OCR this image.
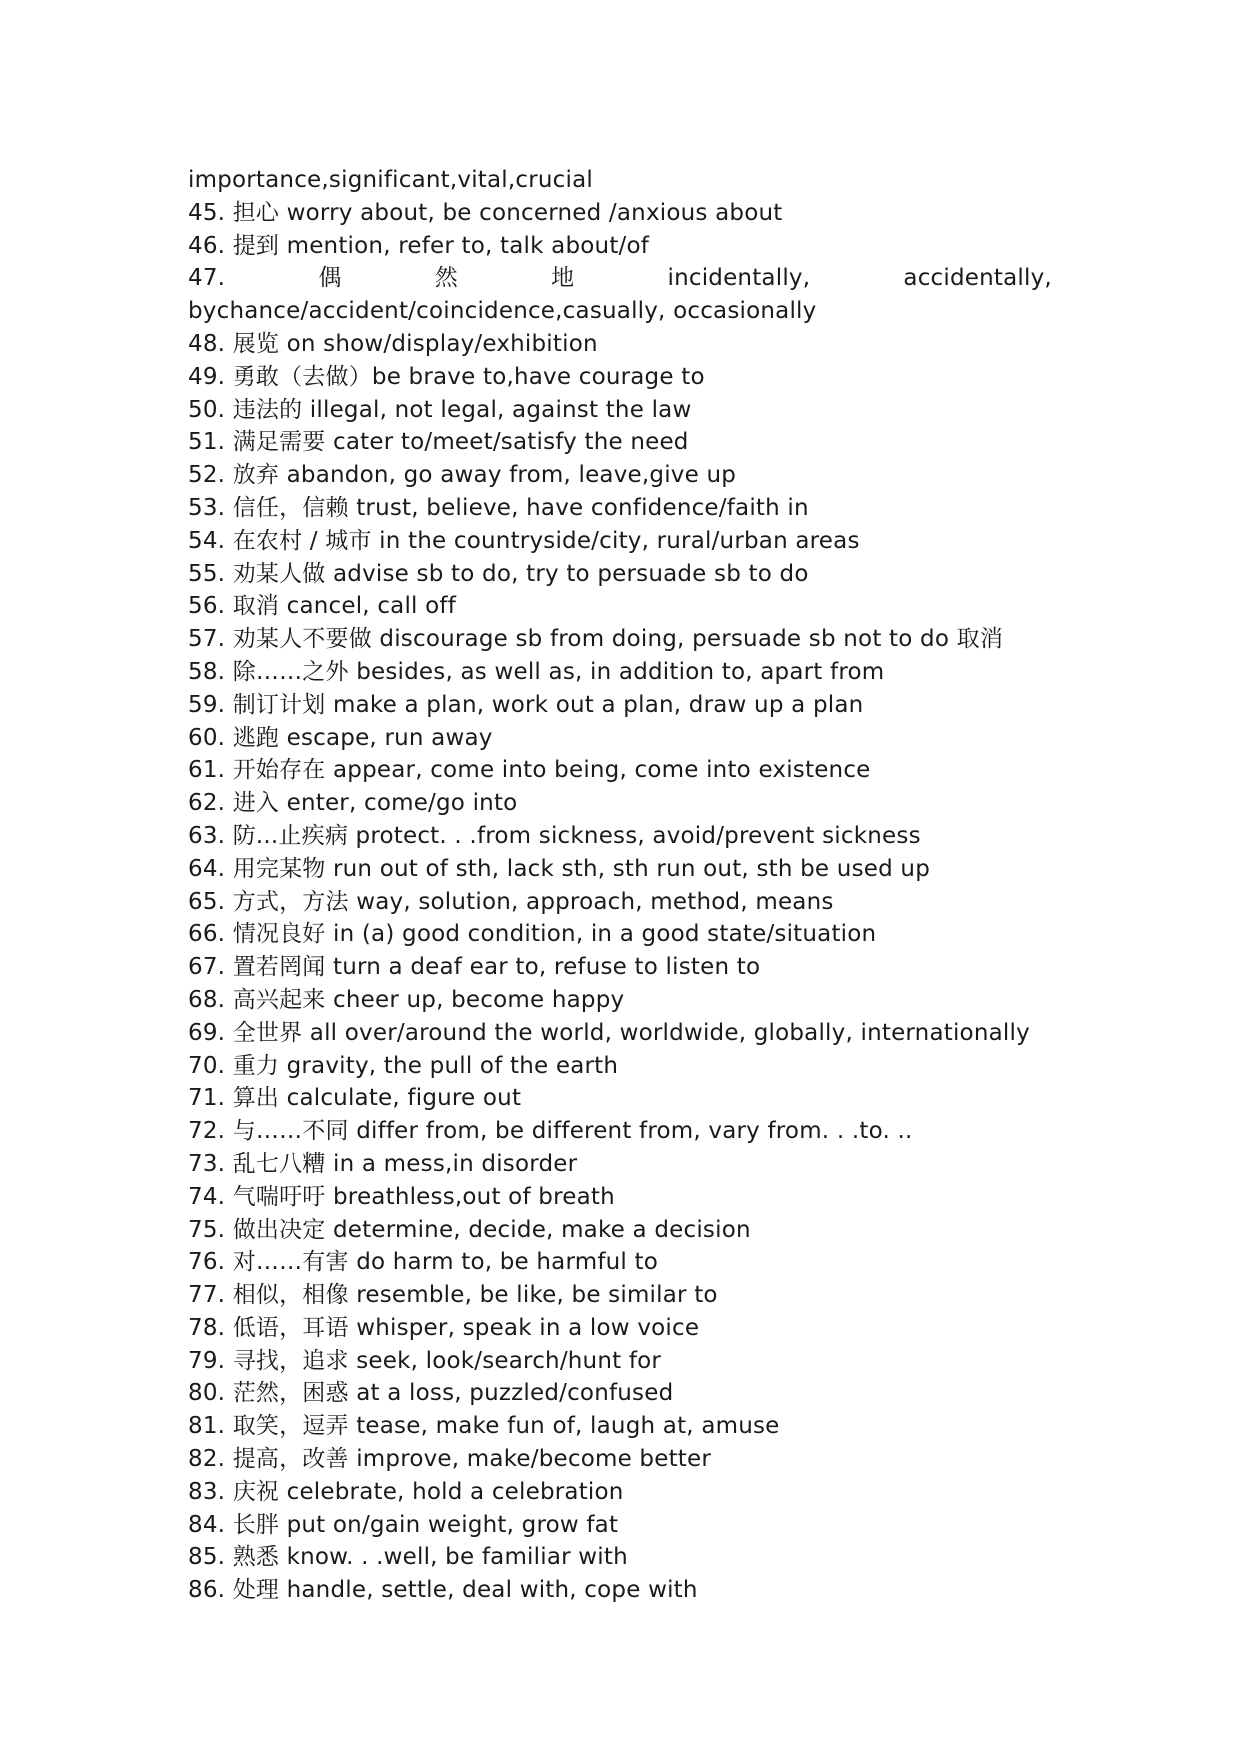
importance,significant,vital,crucial
45. 担心 worry about, be concerned /anxious about
46. 提到 mention, refer to, talk about/of
47.	偶	然	地	incidentally,	accidentally,
bychance/accident/coincidence,casually, occasionally
48. 展览 on show/display/exhibition
49. 勇敢（去做）be brave to,have courage to
50. 违法的 illegal, not legal, against the law
51. 满足需要 cater to/meet/satisfy the need
52. 放弃 abandon, go away from, leave,give up
53. 信任，信赖 trust, believe, have confidence/faith in
54. 在农村 / 城市 in the countryside/city, rural/urban areas
55. 劝某人做 advise sb to do, try to persuade sb to do
56. 取消 cancel, call off
57. 劝某人不要做 discourage sb from doing, persuade sb not to do 取消
58. 除……之外 besides, as well as, in addition to, apart from
59. 制订计划 make a plan, work out a plan, draw up a plan
60. 逃跑 escape, run away
61. 开始存在 appear, come into being, come into existence
62. 进入 enter, come/go into
63. 防...止疾病 protect. . .from sickness, avoid/prevent sickness
64. 用完某物 run out of sth, lack sth, sth run out, sth be used up
65. 方式，方法 way, solution, approach, method, means
66. 情况良好 in (a) good condition, in a good state/situation
67. 置若罔闻 turn a deaf ear to, refuse to listen to
68. 高兴起来 cheer up, become happy
69. 全世界 all over/around the world, worldwide, globally, internationally
70. 重力 gravity, the pull of the earth
71. 算出 calculate, figure out
72. 与……不同 differ from, be different from, vary from. . .to. ..
73. 乱七八糟 in a mess,in disorder
74. 气喘吁吁 breathless,out of breath
75. 做出决定 determine, decide, make a decision
76. 对……有害 do harm to, be harmful to
77. 相似，相像 resemble, be like, be similar to
78. 低语，耳语 whisper, speak in a low voice
79. 寻找，追求 seek, look/search/hunt for
80. 茫然，困惑 at a loss, puzzled/confused
81. 取笑，逗弄 tease, make fun of, laugh at, amuse
82. 提高，改善 improve, make/become better
83. 庆祝 celebrate, hold a celebration
84. 长胖 put on/gain weight, grow fat
85. 熟悉 know. . .well, be familiar with
86. 处理 handle, settle, deal with, cope with
